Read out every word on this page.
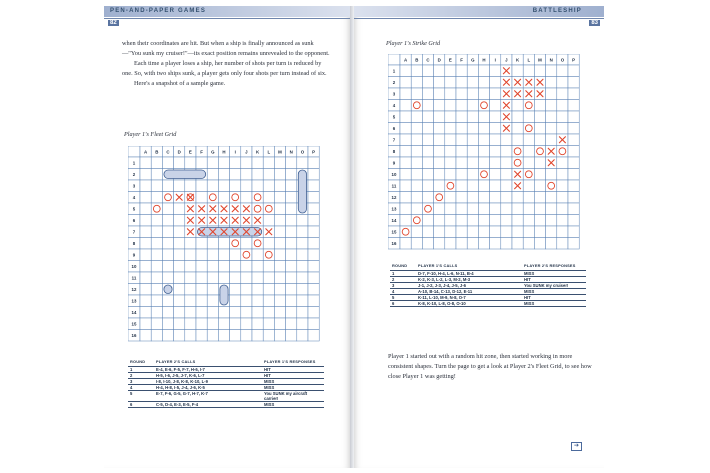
PEN-AND-PAPER GAMES
82

when their coordinates are hit. But when a ship is finally announced as sunk—"You sunk my cruiser!"—its exact position remains unrevealed to the opponent.

Each time a player loses a ship, her number of shots per turn is reduced by one. So, with two ships sunk, a player gets only four shots per turn instead of six.

Here's a snapshot of a sample game.

Player 1's Fleet Grid
A B C D E F G H I J K L M N O P
1
2
3
4
5
6
7
8
9
10
11
12
13
14
15
16
ROUND	PLAYER 2'S CALLS	PLAYER 1'S RESPONSES
1	E-4, E-6, F-5, F-7, H-6, I-7	HIT
2	H-5, I-6, J-5, J-7, K-6, L-7	HIT
3	I-8, I-10, J-8, K-8, K-10, L-9	MISS
4	H-4, H-8, I-5, J-4, J-6, K-5	MISS
5	E-7, F-6, G-5, G-7, H-7, K-7	You SUNK my aircraft carrier!
6	C-5, D-4, E-3, E-5, F-4	MISS
BATTLESHIP
83
Player 1's Strike Grid
A B C D E F G H I J K L M N O P
1
2
3
4
5
6
7
8
9
10
11
12
13
14
15
16
ROUND	PLAYER 1'S CALLS	PLAYER 2'S RESPONSES
1	D-7, F-10, H-4, L-6, N-11, B-4	MISS
2	K-2, K-3, L-2, L-3, M-2, M-3	HIT
3	J-1, J-2, J-3, J-4, J-5, J-6	You SUNK my cruiser!
4	A-10, B-14, C-13, D-12, E-11	MISS
5	K-11, L-10, M-9, N-8, O-7	HIT
6	K-8, K-10, L-8, O-8, O-10	MISS
Player 1 started out with a random hit zone, then started working in more consistent shapes. Turn the page to get a look at Player 2's Fleet Grid, to see how close Player 1 was getting!
➔
